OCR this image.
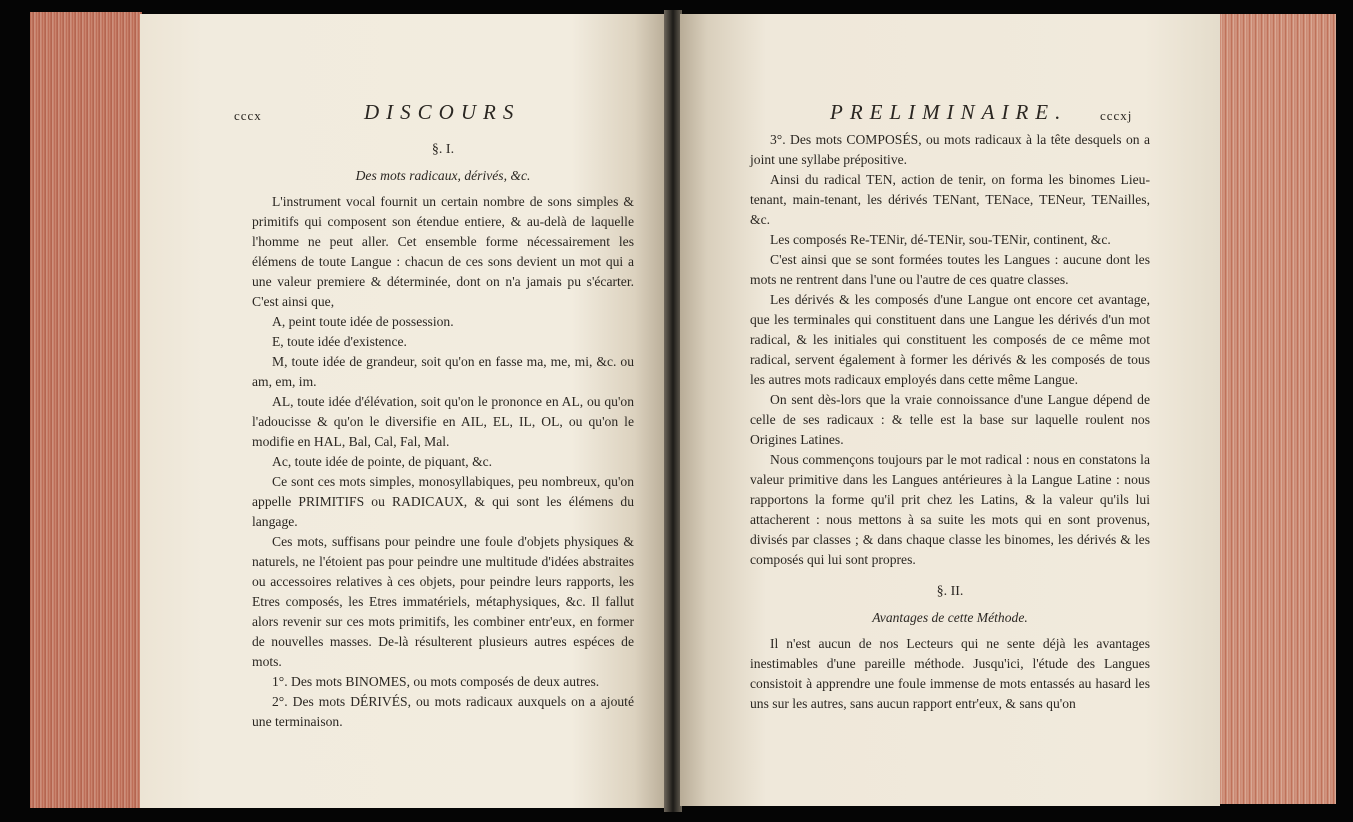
cccx	DISCOURS

§. I.

Des mots radicaux, dérivés, &c.

L'instrument vocal fournit un certain nombre de sons simples & primitifs qui composent son étendue entiere, & au-delà de laquelle l'homme ne peut aller. Cet ensemble forme nécessairement les élémens de toute Langue : chacun de ces sons devient un mot qui a une valeur premiere & déterminée, dont on n'a jamais pu s'écarter. C'est ainsi que,

A, peint toute idée de possession.

E, toute idée d'existence.

M, toute idée de grandeur, soit qu'on en fasse ma, me, mi, &c. ou am, em, im.

AL, toute idée d'élévation, soit qu'on le prononce en AL, ou qu'on l'adoucisse & qu'on le diversifie en AIL, EL, IL, OL, ou qu'on le modifie en HAL, Bal, Cal, Fal, Mal.

Ac, toute idée de pointe, de piquant, &c.

Ce sont ces mots simples, monosyllabiques, peu nombreux, qu'on appelle PRIMITIFS ou RADICAUX, & qui sont les élémens du langage.

Ces mots, suffisans pour peindre une foule d'objets physiques & naturels, ne l'étoient pas pour peindre une multitude d'idées abstraites ou accessoires relatives à ces objets, pour peindre leurs rapports, les Etres composés, les Etres immatériels, métaphysiques, &c. Il fallut alors revenir sur ces mots primitifs, les combiner entr'eux, en former de nouvelles masses. De-là résulterent plusieurs autres espéces de mots.

1°. Des mots BINOMES, ou mots composés de deux autres.

2°. Des mots DÉRIVÉS, ou mots radicaux auxquels on a ajouté une terminaison.

PRELIMINAIRE.	cccxj

3°. Des mots COMPOSÉS, ou mots radicaux à la tête desquels on a joint une syllabe prépositive.

Ainsi du radical TEN, action de tenir, on forma les binomes Lieu-tenant, main-tenant, les dérivés TENant, TENace, TENeur, TENailles, &c.

Les composés Re-TENir, dé-TENir, sou-TENir, continent, &c.

C'est ainsi que se sont formées toutes les Langues : aucune dont les mots ne rentrent dans l'une ou l'autre de ces quatre classes.

Les dérivés & les composés d'une Langue ont encore cet avantage, que les terminales qui constituent dans une Langue les dérivés d'un mot radical, & les initiales qui constituent les composés de ce même mot radical, servent également à former les dérivés & les composés de tous les autres mots radicaux employés dans cette même Langue.

On sent dès-lors que la vraie connoissance d'une Langue dépend de celle de ses radicaux : & telle est la base sur laquelle roulent nos Origines Latines.

Nous commençons toujours par le mot radical : nous en constatons la valeur primitive dans les Langues antérieures à la Langue Latine : nous rapportons la forme qu'il prit chez les Latins, & la valeur qu'ils lui attacherent : nous mettons à sa suite les mots qui en sont provenus, divisés par classes ; & dans chaque classe les binomes, les dérivés & les composés qui lui sont propres.

§. II.

Avantages de cette Méthode.

Il n'est aucun de nos Lecteurs qui ne sente déjà les avantages inestimables d'une pareille méthode. Jusqu'ici, l'étude des Langues consistoit à apprendre une foule immense de mots entassés au hasard les uns sur les autres, sans aucun rapport entr'eux, & sans qu'on
